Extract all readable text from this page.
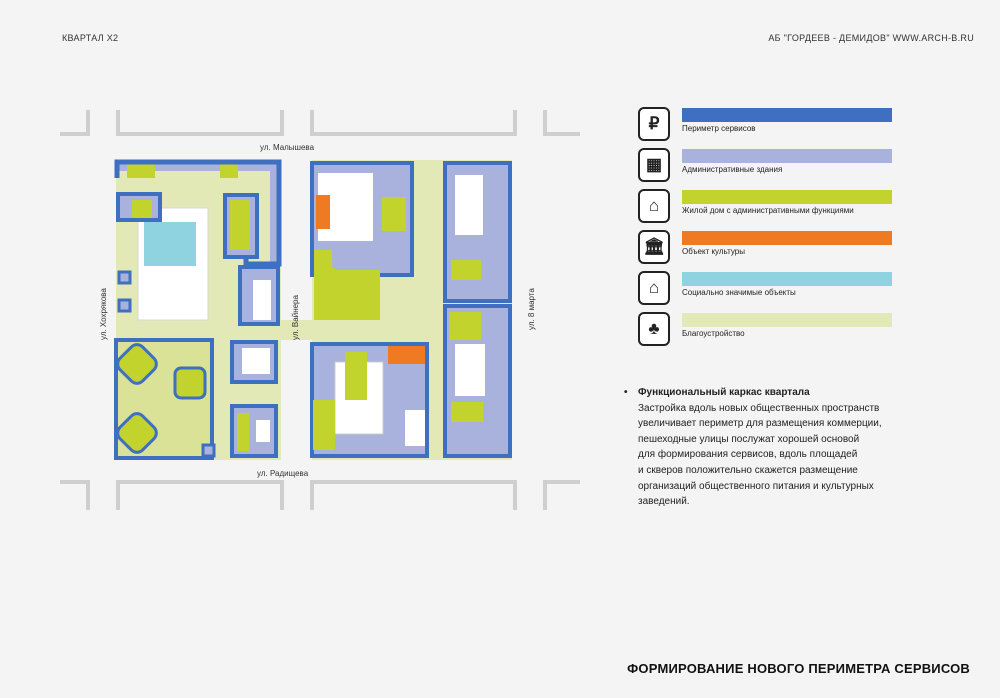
КВАРТАЛ Х2	АБ "ГОРДЕЕВ - ДЕМИДОВ" WWW.ARCH-B.RU
ул. Малышева
ул. Радищева
ул. Хохрякова	ул. Вайнера	ул. 8 марта
₽	Периметр сервисов
▦	Административные здания
⌂	Жилой дом с административными функциями
🏛	Объект культуры
⌂	Социально значимые объекты
♣	Благоустройство
• Функциональный каркас квартала
Застройка вдоль новых общественных пространств
увеличивает периметр для размещения коммерции,
пешеходные улицы послужат хорошей основой
для формирования сервисов, вдоль площадей
и скверов положительно скажется размещение
организаций общественного питания и культурных
заведений.
ФОРМИРОВАНИЕ НОВОГО ПЕРИМЕТРА СЕРВИСОВ
